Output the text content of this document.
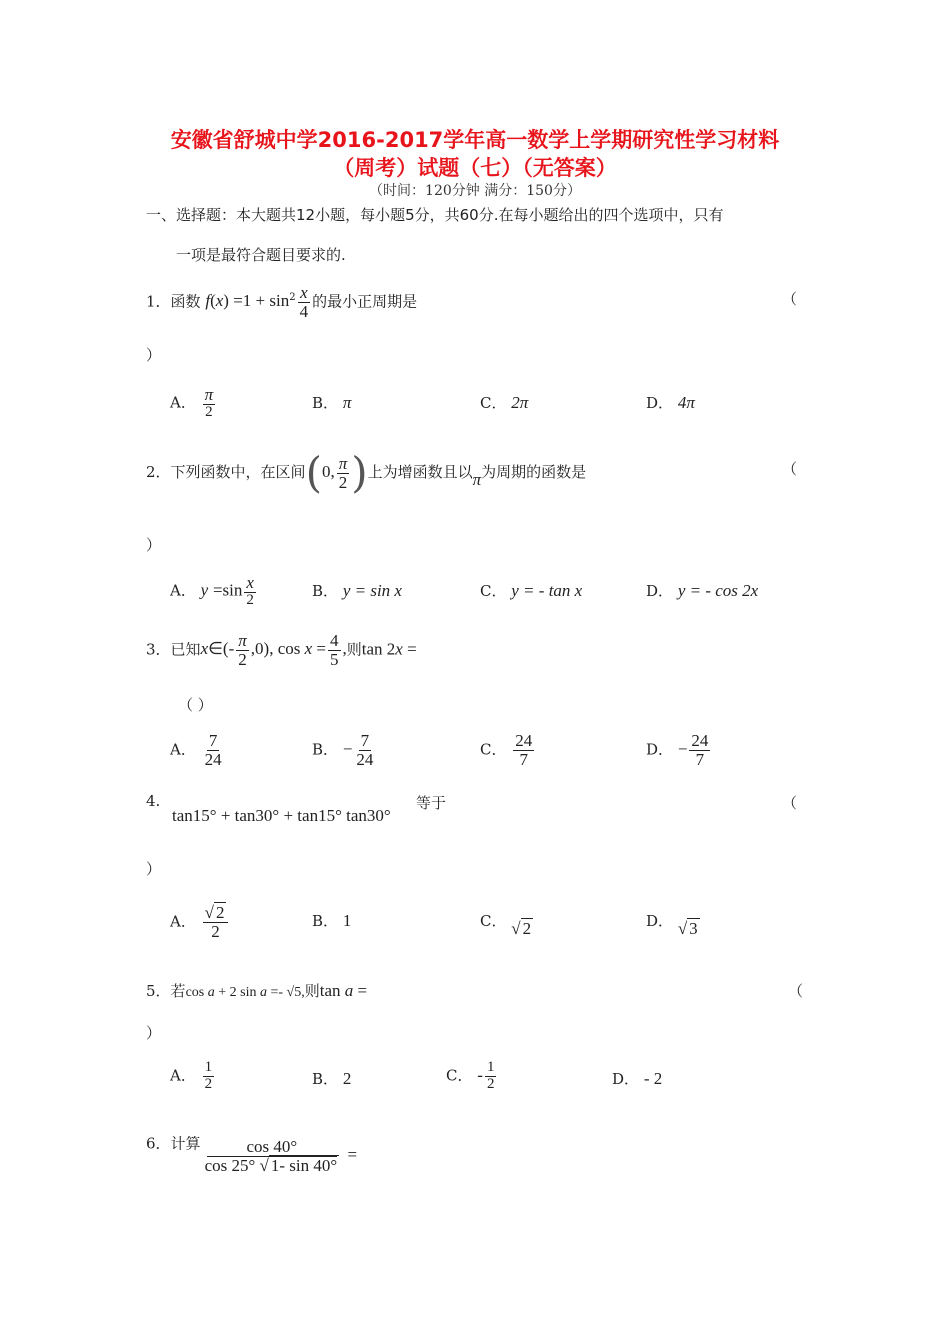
安徽省舒城中学2016-2017学年高一数学上学期研究性学习材料
（周考）试题（七）（无答案）
（时间：120分钟 满分：150分）
一、选择题：本大题共12小题，每小题5分，共60分.在每小题给出的四个选项中，只有
一项是最符合题目要求的.
1．函数 $f(x) =1 + \sin^2 \frac{x}{4}$ 的最小正周期是	（
）
A． $\frac{\pi}{2}$	B． π	C． 2π	D． 4π
2．下列函数中，在区间(0, $\frac{\pi}{2}$ )上为增函数且以π为周期的函数是	（
）
A． $y =\sin \frac{x}{2}$	B． y = sin x	C． y = - tan x	D． y = - cos 2x
3．已知x∈(- $\frac{\pi}{2} ,0$), $\cos x = \frac{4}{5}$ ,则tan 2x =
（ ）
A． $\frac{7}{24}$	B． − $\frac{7}{24}$	C． $\frac{24}{7}$	D． − $\frac{24}{7}$
4.
tan15° + tan30° + tan15° tan30°
等于	（
）
A． $\frac{√ 2}{2}$	B． 1	C． √ 2	D． √ 3
5．若cos a + 2 sin a =- √5,则tan a =	（
）
A． $\frac{1}{2}$	B． 2	C． - $\frac{1}{2}$	D． - 2
6．计算 $\frac{\cos 40^\circ}{\cos 25^\circ √ 1- \sin 40^\circ}$ =
